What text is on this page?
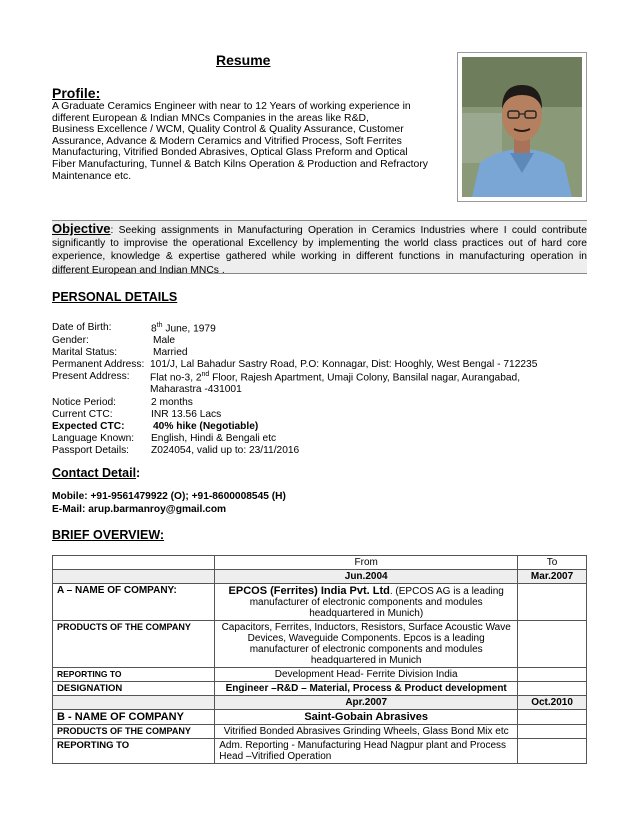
Resume
Profile:
A Graduate Ceramics Engineer with near to 12 Years of working experience in
different European & Indian MNCs Companies in the areas like R&D,
Business Excellence / WCM, Quality Control & Quality Assurance, Customer
Assurance, Advance & Modern Ceramics and Vitrified Process, Soft Ferrites
Manufacturing, Vitrified Bonded Abrasives, Optical Glass Preform and Optical
Fiber Manufacturing, Tunnel & Batch Kilns Operation & Production and Refractory
Maintenance etc.
Objective: Seeking assignments in Manufacturing Operation in Ceramics Industries where I could contribute significantly to improvise the operational Excellency by implementing the world class practices out of hard core experience, knowledge & expertise gathered while working in different functions in manufacturing operation in different European and Indian MNCs .
PERSONAL DETAILS
Date of Birth:	8th June, 1979
Gender:	Male
Marital Status:	Married
Permanent Address: 101/J, Lal Bahadur Sastry Road, P.O: Konnagar, Dist: Hooghly, West Bengal - 712235
Present Address: Flat no-3, 2nd Floor, Rajesh Apartment, Umaji Colony, Bansilal nagar, Aurangabad,
Maharastra -431001
Notice Period:	2 months
Current CTC:	INR 13.56 Lacs
Expected CTC:	40% hike (Negotiable)
Language Known: English, Hindi & Bengali etc
Passport Details: Z024054, valid up to: 23/11/2016
Contact Detail:
Mobile: +91-9561479922 (O); +91-8600008545 (H)
E-Mail: arup.barmanroy@gmail.com
BRIEF OVERVIEW:
	From	To
	Jun.2004	Mar.2007
A – NAME OF COMPANY:	EPCOS (Ferrites) India Pvt. Ltd. (EPCOS AG is a leading manufacturer of electronic components and modules headquartered in Munich)	
PRODUCTS OF THE COMPANY	Capacitors, Ferrites, Inductors, Resistors, Surface Acoustic Wave Devices, Waveguide Components. Epcos is a leading manufacturer of electronic components and modules headquartered in Munich	
REPORTING TO	Development Head- Ferrite Division India	
DESIGNATION	Engineer –R&D – Material, Process & Product development	
	Apr.2007	Oct.2010
B - NAME OF COMPANY	Saint-Gobain Abrasives	
PRODUCTS OF THE COMPANY	Vitrified Bonded Abrasives Grinding Wheels, Glass Bond Mix etc	
REPORTING TO	Adm. Reporting - Manufacturing Head Nagpur plant and Process Head –Vitrified Operation	
